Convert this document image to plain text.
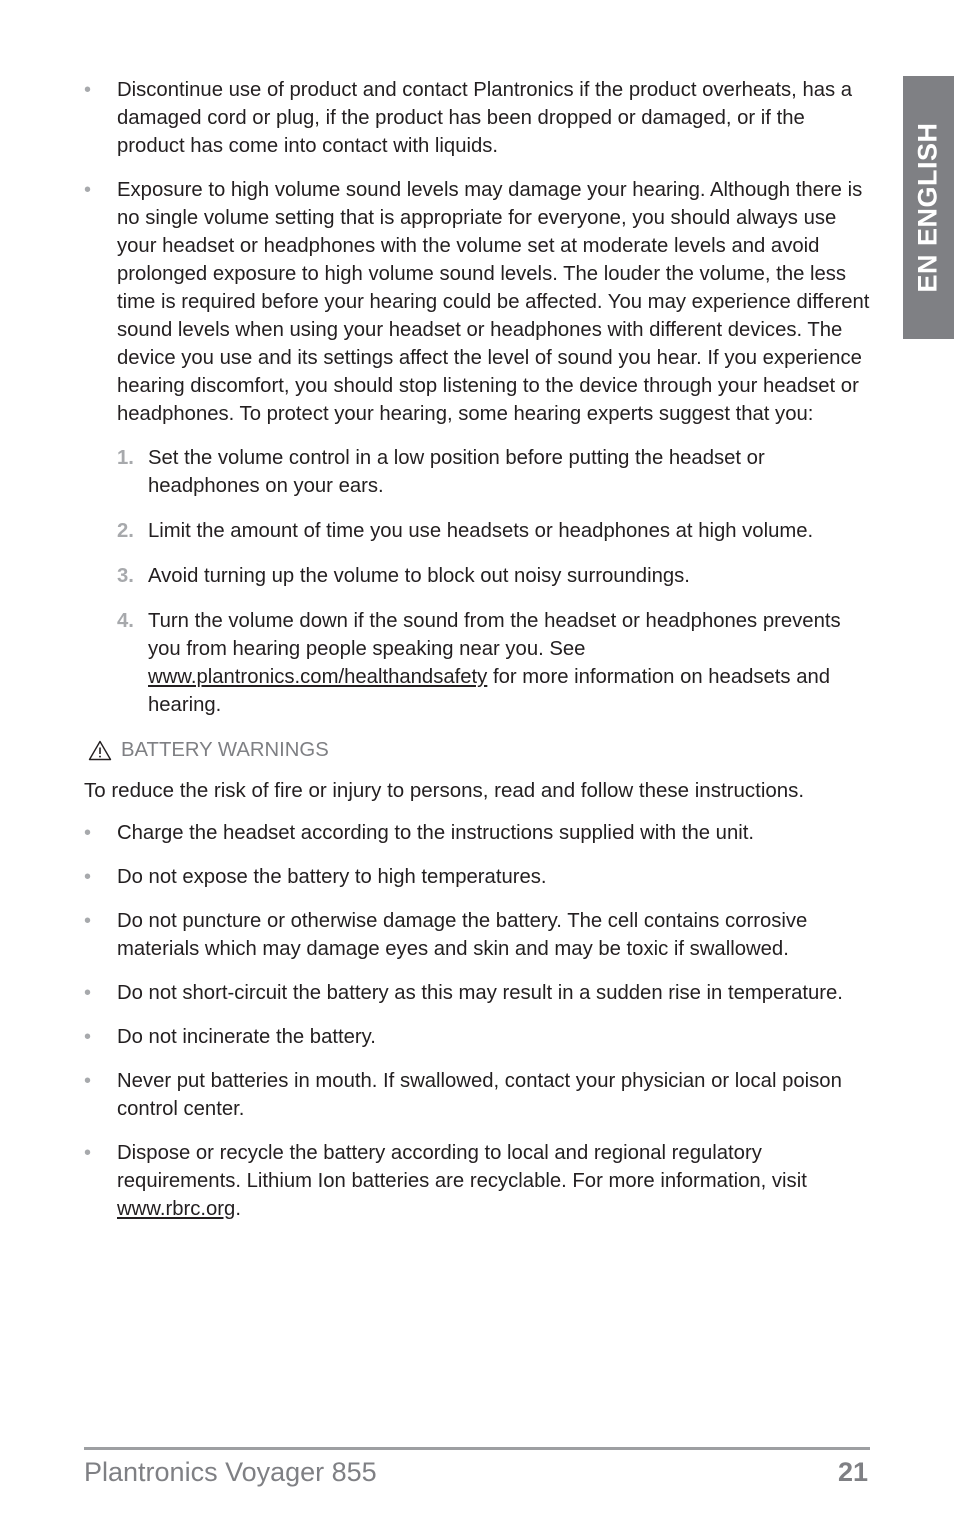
EN ENGLISH
• Discontinue use of product and contact Plantronics if the product overheats, has a damaged cord or plug, if the product has been dropped or damaged, or if the product has come into contact with liquids.
• Exposure to high volume sound levels may damage your hearing. Although there is no single volume setting that is appropriate for everyone, you should always use your headset or headphones with the volume set at moderate levels and avoid prolonged exposure to high volume sound levels. The louder the volume, the less time is required before your hearing could be affected. You may experience different sound levels when using your headset or headphones with different devices. The device you use and its settings affect the level of sound you hear. If you experience hearing discomfort, you should stop listening to the device through your headset or headphones. To protect your hearing, some hearing experts suggest that you:
1. Set the volume control in a low position before putting the headset or headphones on your ears.
2. Limit the amount of time you use headsets or headphones at high volume.
3. Avoid turning up the volume to block out noisy surroundings.
4. Turn the volume down if the sound from the headset or headphones prevents you from hearing people speaking near you. See www.plantronics.com/healthandsafety for more information on headsets and hearing.
BATTERY WARNINGS

To reduce the risk of fire or injury to persons, read and follow these instructions.

• Charge the headset according to the instructions supplied with the unit.
• Do not expose the battery to high temperatures.
• Do not puncture or otherwise damage the battery. The cell contains corrosive materials which may damage eyes and skin and may be toxic if swallowed.
• Do not short-circuit the battery as this may result in a sudden rise in temperature.
• Do not incinerate the battery.
• Never put batteries in mouth. If swallowed, contact your physician or local poison control center.
• Dispose or recycle the battery according to local and regional regulatory requirements. Lithium Ion batteries are recyclable. For more information, visit www.rbrc.org.
Plantronics Voyager 855	21
